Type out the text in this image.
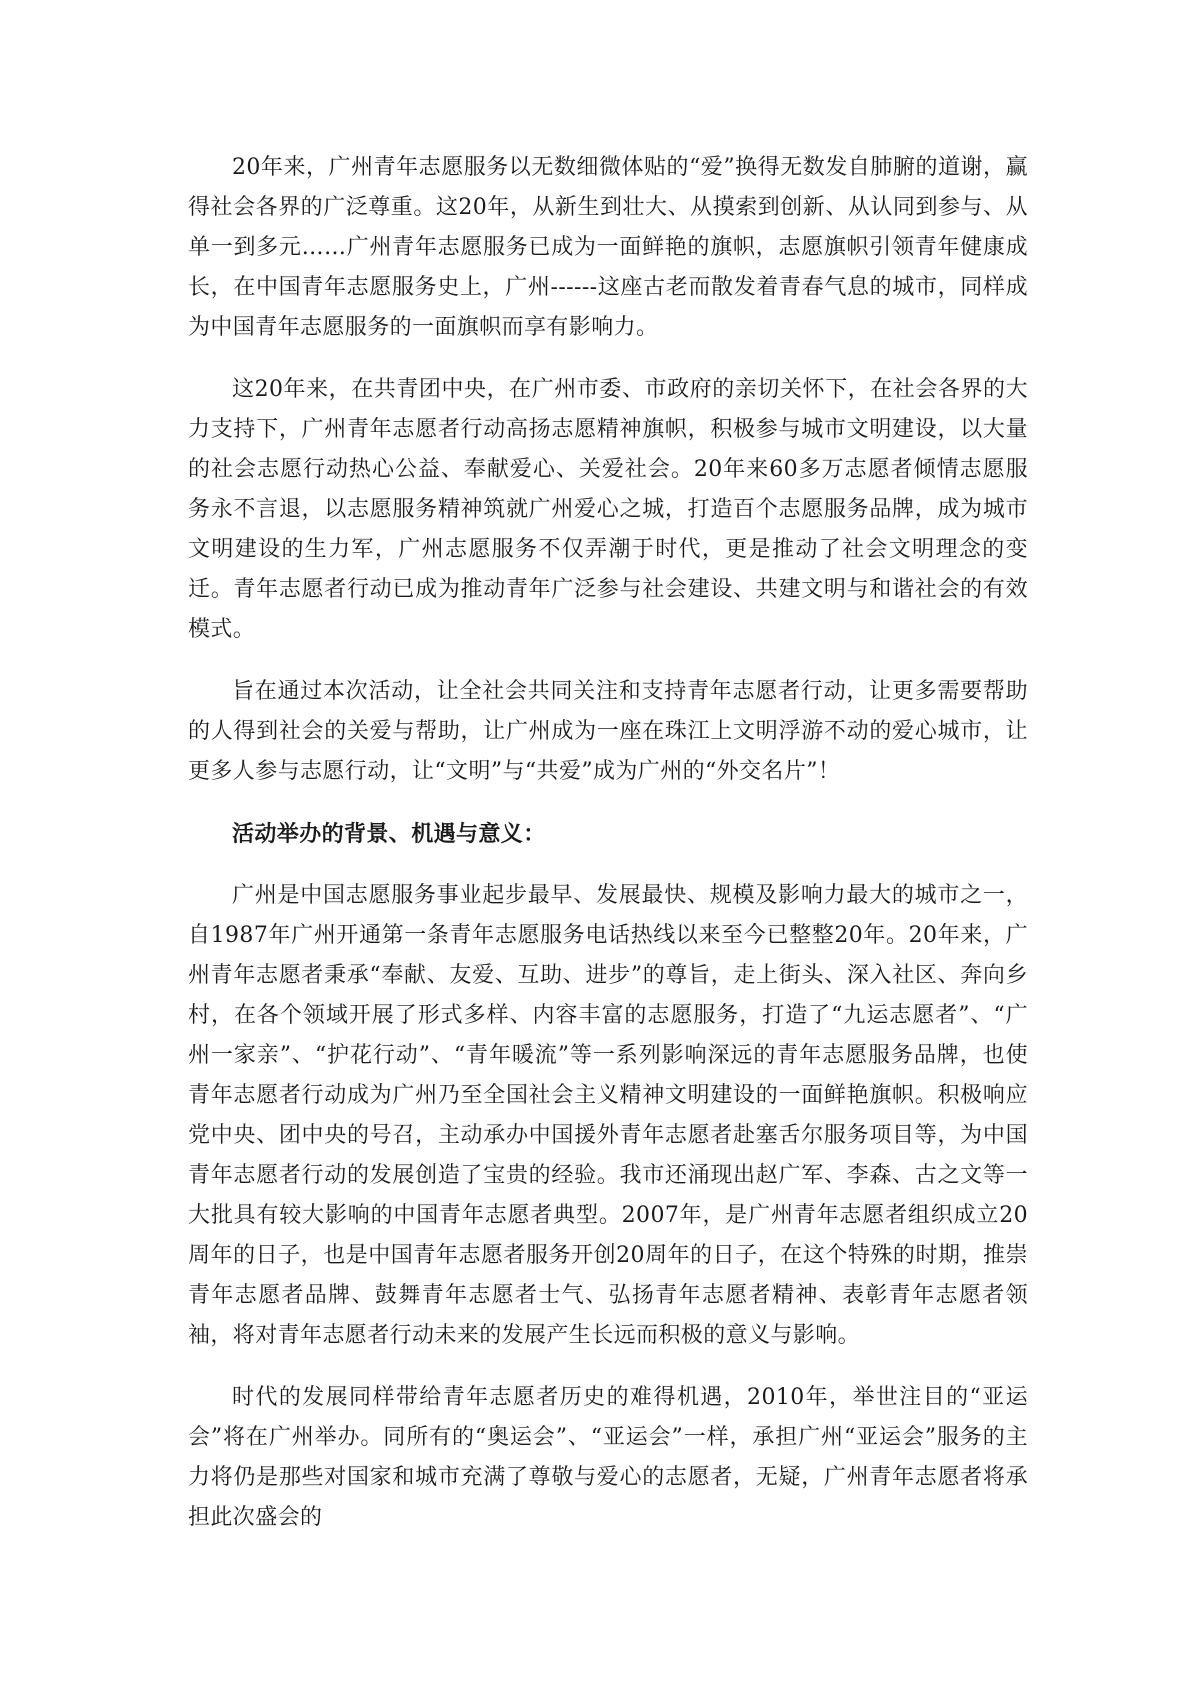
20年来，广州青年志愿服务以无数细微体贴的“爱”换得无数发自肺腑的道谢，赢得社会各界的广泛尊重。这20年，从新生到壮大、从摸索到创新、从认同到参与、从单一到多元……广州青年志愿服务已成为一面鲜艳的旗帜，志愿旗帜引领青年健康成长，在中国青年志愿服务史上，广州------这座古老而散发着青春气息的城市，同样成为中国青年志愿服务的一面旗帜而享有影响力。

这20年来，在共青团中央，在广州市委、市政府的亲切关怀下，在社会各界的大力支持下，广州青年志愿者行动高扬志愿精神旗帜，积极参与城市文明建设，以大量的社会志愿行动热心公益、奉献爱心、关爱社会。20年来60多万志愿者倾情志愿服务永不言退，以志愿服务精神筑就广州爱心之城，打造百个志愿服务品牌，成为城市文明建设的生力军，广州志愿服务不仅弄潮于时代，更是推动了社会文明理念的变迁。青年志愿者行动已成为推动青年广泛参与社会建设、共建文明与和谐社会的有效模式。

旨在通过本次活动，让全社会共同关注和支持青年志愿者行动，让更多需要帮助的人得到社会的关爱与帮助，让广州成为一座在珠江上文明浮游不动的爱心城市，让更多人参与志愿行动，让“文明”与“共爱”成为广州的“外交名片”！

活动举办的背景、机遇与意义：

广州是中国志愿服务事业起步最早、发展最快、规模及影响力最大的城市之一，自1987年广州开通第一条青年志愿服务电话热线以来至今已整整20年。20年来，广州青年志愿者秉承“奉献、友爱、互助、进步”的尊旨，走上街头、深入社区、奔向乡村，在各个领域开展了形式多样、内容丰富的志愿服务，打造了“九运志愿者”、“广州一家亲”、“护花行动”、“青年暖流”等一系列影响深远的青年志愿服务品牌，也使青年志愿者行动成为广州乃至全国社会主义精神文明建设的一面鲜艳旗帜。积极响应党中央、团中央的号召，主动承办中国援外青年志愿者赴塞舌尔服务项目等，为中国青年志愿者行动的发展创造了宝贵的经验。我市还涌现出赵广军、李森、古之文等一大批具有较大影响的中国青年志愿者典型。2007年，是广州青年志愿者组织成立20周年的日子，也是中国青年志愿者服务开创20周年的日子，在这个特殊的时期，推崇青年志愿者品牌、鼓舞青年志愿者士气、弘扬青年志愿者精神、表彰青年志愿者领袖，将对青年志愿者行动未来的发展产生长远而积极的意义与影响。

时代的发展同样带给青年志愿者历史的难得机遇，2010年，举世注目的“亚运会”将在广州举办。同所有的“奥运会”、“亚运会”一样，承担广州“亚运会”服务的主力将仍是那些对国家和城市充满了尊敬与爱心的志愿者，无疑，广州青年志愿者将承担此次盛会的
